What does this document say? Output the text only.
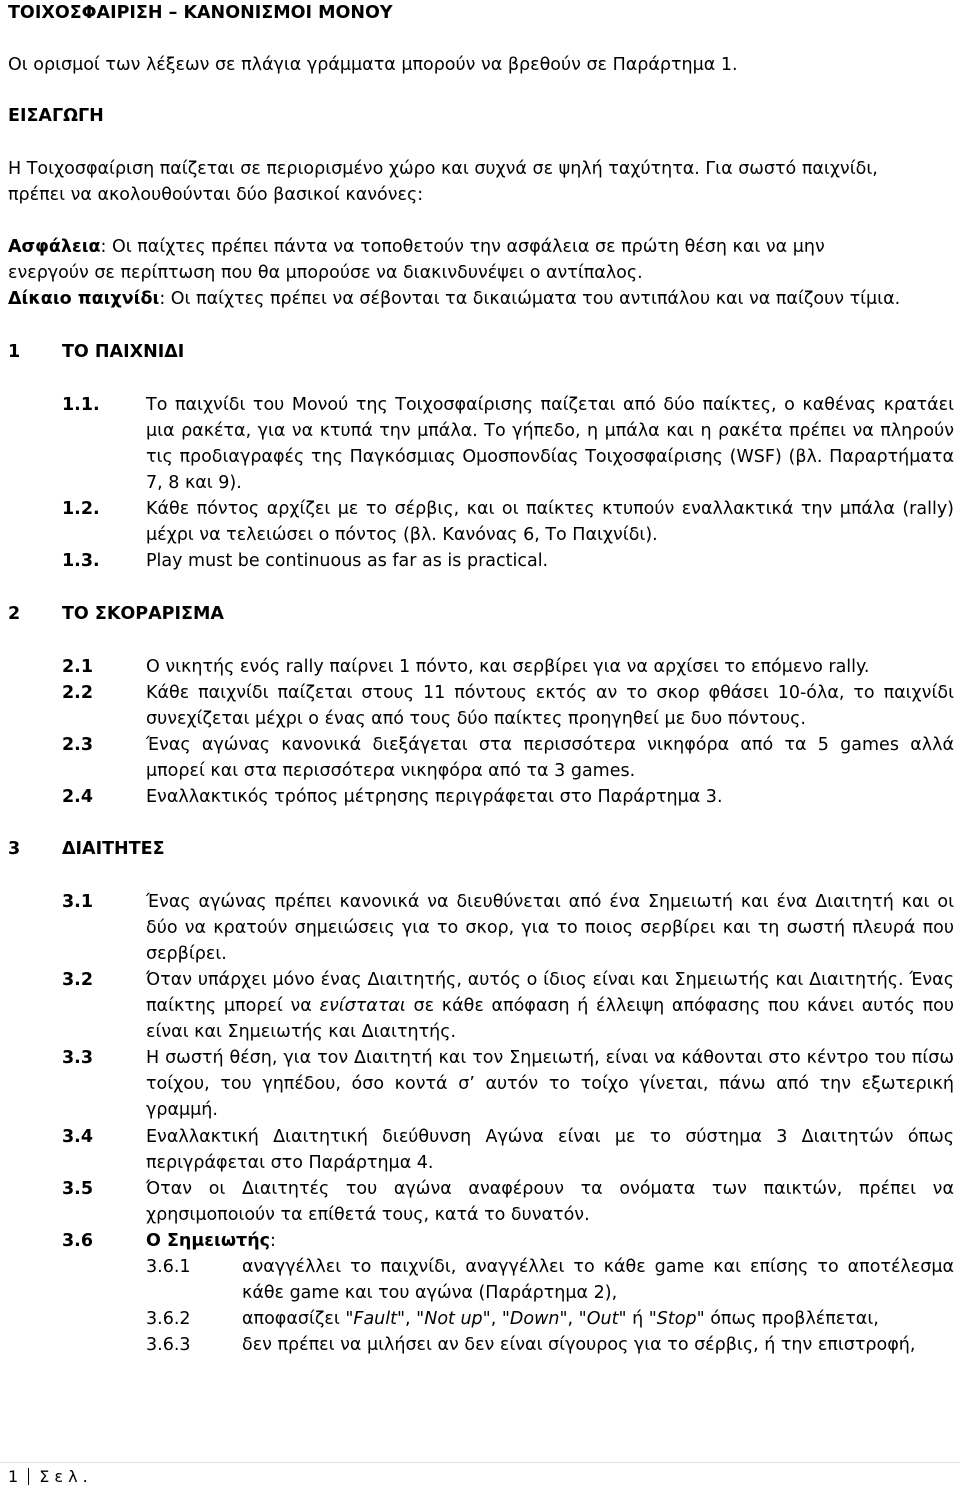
ΤΟΙΧΟΣΦΑΙΡΙΣΗ – ΚΑΝΟΝΙΣΜΟΙ ΜΟΝΟΥ
Οι ορισμοί των λέξεων σε πλάγια γράμματα μπορούν να βρεθούν σε Παράρτημα 1.
ΕΙΣΑΓΩΓΗ
Η Τοιχοσφαίριση παίζεται σε περιορισμένο χώρο και συχνά σε ψηλή ταχύτητα. Για σωστό παιχνίδι,
πρέπει να ακολουθούνται δύο βασικοί κανόνες:
Ασφάλεια: Οι παίχτες πρέπει πάντα να τοποθετούν την ασφάλεια σε πρώτη θέση και να μην
ενεργούν σε περίπτωση που θα μπορούσε να διακινδυνέψει ο αντίπαλος.
Δίκαιο παιχνίδι: Οι παίχτες πρέπει να σέβονται τα δικαιώματα του αντιπάλου και να παίζουν τίμια.
1 ΤΟ ΠΑΙΧΝΙΔΙ
1.1.	Το παιχνίδι του Μονού της Τοιχοσφαίρισης παίζεται από δύο παίκτες, ο καθένας κρατάει μια ρακέτα, για να κτυπά την μπάλα. Το γήπεδο, η μπάλα και η ρακέτα πρέπει να πληρούν τις προδιαγραφές της Παγκόσμιας Ομοσπονδίας Τοιχοσφαίρισης (WSF) (βλ. Παραρτήματα 7, 8 και 9).
1.2.	Κάθε πόντος αρχίζει με το σέρβις, και οι παίκτες κτυπούν εναλλακτικά την μπάλα (rally) μέχρι να τελειώσει ο πόντος (βλ. Κανόνας 6, Το Παιχνίδι).
1.3.	Play must be continuous as far as is practical.
2 ΤΟ ΣΚΟΡΑΡΙΣΜΑ
2.1	Ο νικητής ενός rally παίρνει 1 πόντο, και σερβίρει για να αρχίσει το επόμενο rally.
2.2	Κάθε παιχνίδι παίζεται στους 11 πόντους εκτός αν το σκορ φθάσει 10-όλα, το παιχνίδι συνεχίζεται μέχρι ο ένας από τους δύο παίκτες προηγηθεί με δυο πόντους.
2.3	Ένας αγώνας κανονικά διεξάγεται στα περισσότερα νικηφόρα από τα 5 games αλλά μπορεί και στα περισσότερα νικηφόρα από τα 3 games.
2.4	Εναλλακτικός τρόπος μέτρησης περιγράφεται στο Παράρτημα 3.
3 ΔΙΑΙΤΗΤΕΣ
3.1	Ένας αγώνας πρέπει κανονικά να διευθύνεται από ένα Σημειωτή και ένα Διαιτητή και οι δύο να κρατούν σημειώσεις για το σκορ, για το ποιος σερβίρει και τη σωστή πλευρά που σερβίρει.
3.2	Όταν υπάρχει μόνο ένας Διαιτητής, αυτός ο ίδιος είναι και Σημειωτής και Διαιτητής. Ένας παίκτης μπορεί να ενίσταται σε κάθε απόφαση ή έλλειψη απόφασης που κάνει αυτός που είναι και Σημειωτής και Διαιτητής.
3.3	Η σωστή θέση, για τον Διαιτητή και τον Σημειωτή, είναι να κάθονται στο κέντρο του πίσω τοίχου, του γηπέδου, όσο κοντά σ’ αυτόν το τοίχο γίνεται, πάνω από την εξωτερική γραμμή.
3.4	Εναλλακτική Διαιτητική διεύθυνση Αγώνα είναι με το σύστημα 3 Διαιτητών όπως περιγράφεται στο Παράρτημα 4.
3.5	Όταν οι Διαιτητές του αγώνα αναφέρουν τα ονόματα των παικτών, πρέπει να χρησιμοποιούν τα επίθετά τους, κατά το δυνατόν.
3.6	Ο Σημειωτής:
3.6.1	αναγγέλλει το παιχνίδι, αναγγέλλει το κάθε game και επίσης το αποτέλεσμα κάθε game και του αγώνα (Παράρτημα 2),
3.6.2	αποφασίζει "Fault", "Not up", "Down", "Out" ή "Stop" όπως προβλέπεται,
3.6.3	δεν πρέπει να μιλήσει αν δεν είναι σίγουρος για το σέρβις, ή την επιστροφή,
1 Σ ε λ .
